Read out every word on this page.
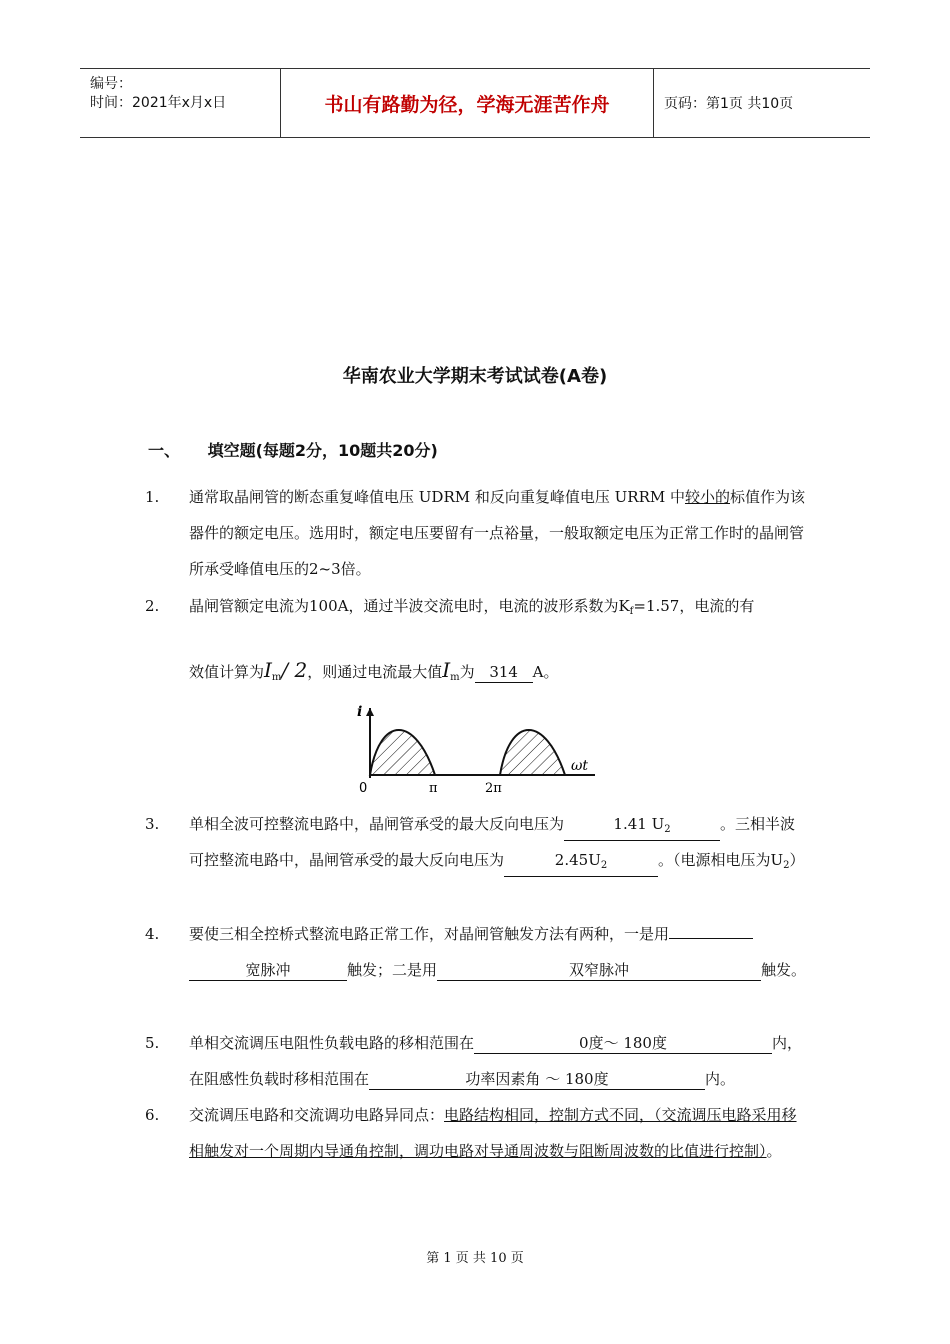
编号：
时间：2021年x月x日	书山有路勤为径，学海无涯苦作舟	页码：第1页 共10页
华南农业大学期末考试试卷(A卷)
一、 填空题(每题2分，10题共20分)
1. 通常取晶闸管的断态重复峰值电压 UDRM 和反向重复峰值电压 URRM 中较小的标值作为该器件的额定电压。选用时，额定电压要留有一点裕量，一般取额定电压为正常工作时的晶闸管所承受峰值电压的2~3倍。
2. 晶闸管额定电流为100A，通过半波交流电时，电流的波形系数为$K_f=1.57$，电流的有
效值计算为$I_m/$ 2，则通过电流最大值$I_m$为 314 A。
i
0	π	2π
ωt
3. 单相全波可控整流电路中，晶闸管承受的最大反向电压为	1.41 $U_2$	。三相半波可控整流电路中，晶闸管承受的最大反向电压为	$2.45U_2$	。（电源相电压为$U_2$）
4. 要使三相全控桥式整流电路正常工作，对晶闸管触发方法有两种，一是用宽脉冲	触发；二是用	双窄脉冲	触发。
5. 单相交流调压电阻性负载电路的移相范围在	0度～ 180度	内，在阻感性负载时移相范围在	功率因素角 ～ 180度	内。
6. 交流调压电路和交流调功电路异同点：电路结构相同，控制方式不同，（交流调压电路采用移相触发对一个周期内导通角控制，调功电路对导通周波数与阻断周波数的比值进行控制）。
第 1 页 共 10 页
